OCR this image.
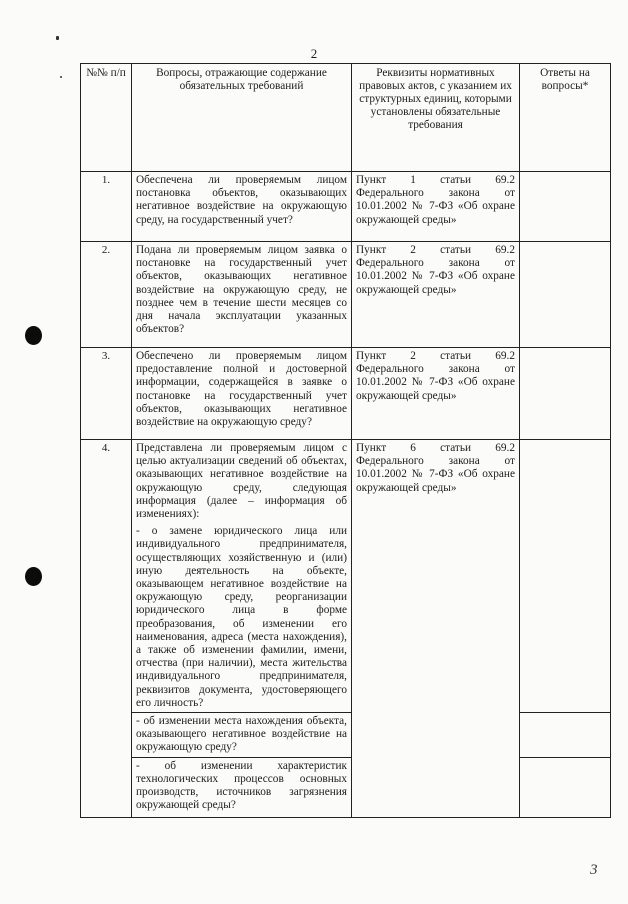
2
№№ п/п	Вопросы, отражающие содержание обязательных требований	Реквизиты нормативных правовых актов, с указанием их структурных единиц, которыми установлены обязательные требования	Ответы на вопросы*
1.	Обеспечена ли проверяемым лицом постановка объектов, оказывающих негативное воздействие на окружающую среду, на государственный учет?	Пункт 1 статьи 69.2 Федерального закона от 10.01.2002 № 7-ФЗ «Об охране окружающей среды»	
2.	Подана ли проверяемым лицом заявка о постановке на государственный учет объектов, оказывающих негативное воздействие на окружающую среду, не позднее чем в течение шести месяцев со дня начала эксплуатации указанных объектов?	Пункт 2 статьи 69.2 Федерального закона от 10.01.2002 № 7-ФЗ «Об охране окружающей среды»	
3.	Обеспечено ли проверяемым лицом предоставление полной и достоверной информации, содержащейся в заявке о постановке на государственный учет объектов, оказывающих негативное воздействие на окружающую среду?	Пункт 2 статьи 69.2 Федерального закона от 10.01.2002 № 7-ФЗ «Об охране окружающей среды»	
4.	Представлена ли проверяемым лицом с целью актуализации сведений об объектах, оказывающих негативное воздействие на окружающую среду, следующая информация (далее – информация об изменениях):	Пункт 6 статьи 69.2 Федерального закона от 10.01.2002 № 7-ФЗ «Об охране окружающей среды»	
	- о замене юридического лица или индивидуального предпринимателя, осуществляющих хозяйственную и (или) иную деятельность на объекте, оказывающем негативное воздействие на окружающую среду, реорганизации юридического лица в форме преобразования, об изменении его наименования, адреса (места нахождения), а также об изменении фамилии, имени, отчества (при наличии), места жительства индивидуального предпринимателя, реквизитов документа, удостоверяющего его личность?		
	- об изменении места нахождения объекта, оказывающего негативное воздействие на окружающую среду?		
	- об изменении характеристик технологических процессов основных производств, источников загрязнения окружающей среды?		
3
